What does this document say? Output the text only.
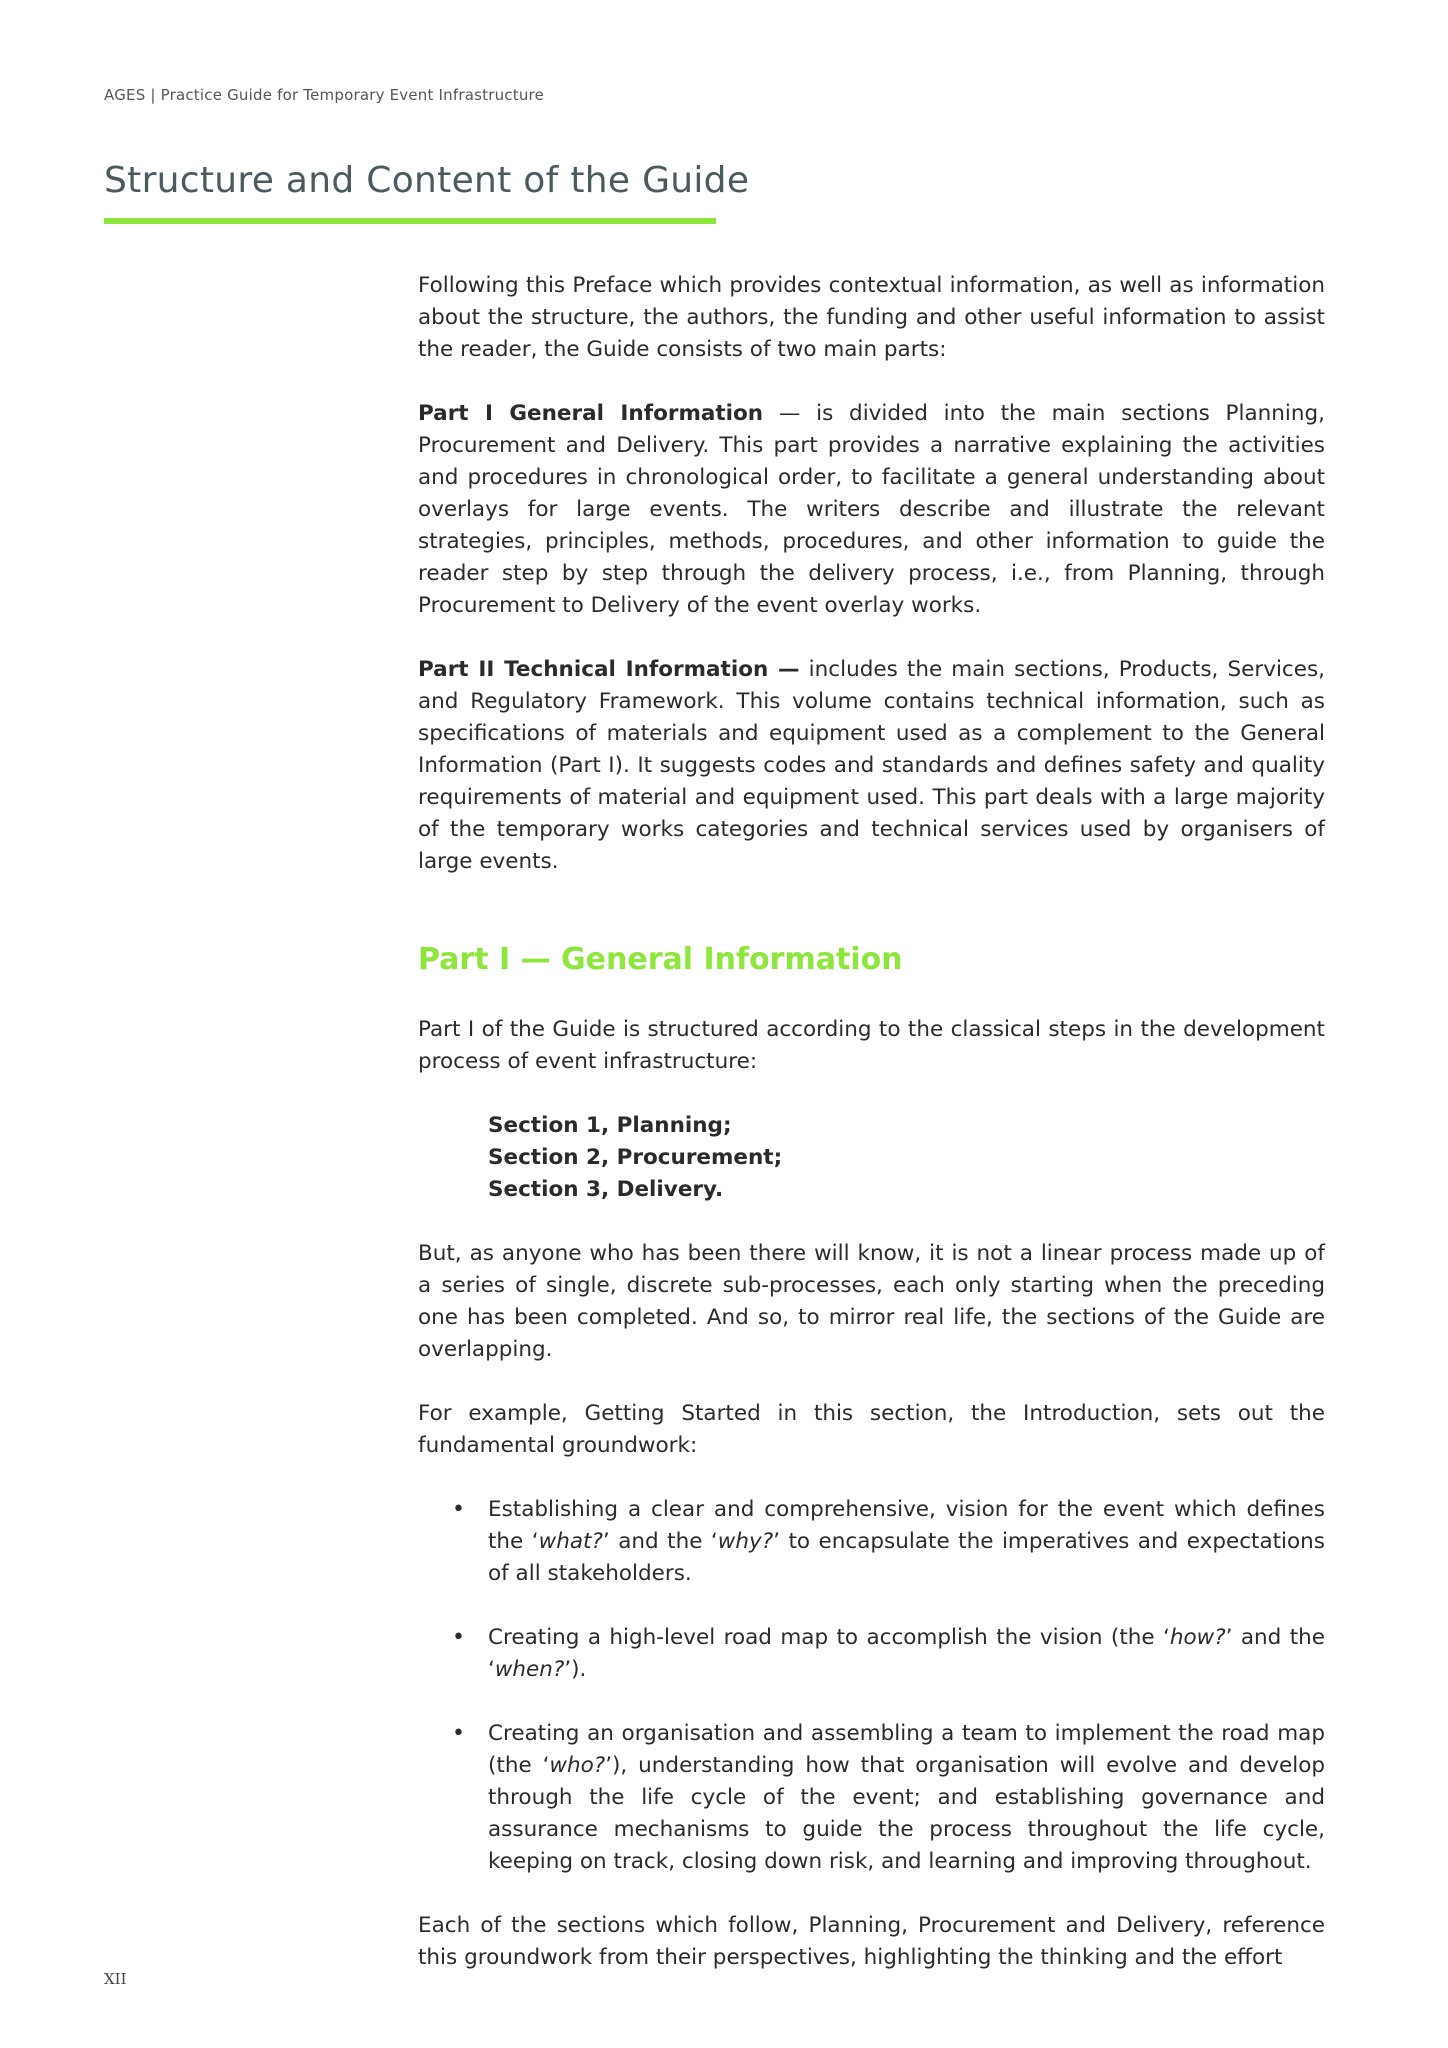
AGES | Practice Guide for Temporary Event Infrastructure
Structure and Content of the Guide

Following this Preface which provides contextual information, as well as information about the structure, the authors, the funding and other useful information to assist the reader, the Guide consists of two main parts:

Part I General Information — is divided into the main sections Planning, Procurement and Delivery. This part provides a narrative explaining the activities and procedures in chronological order, to facilitate a general understanding about overlays for large events. The writers describe and illustrate the relevant strategies, principles, methods, procedures, and other information to guide the reader step by step through the delivery process, i.e., from Planning, through Procurement to Delivery of the event overlay works.

Part II Technical Information — includes the main sections, Products, Services, and Regulatory Framework. This volume contains technical information, such as specifications of materials and equipment used as a complement to the General Information (Part I). It suggests codes and standards and defines safety and quality requirements of material and equipment used. This part deals with a large majority of the temporary works categories and technical services used by organisers of large events.

Part I — General Information

Part I of the Guide is structured according to the classical steps in the development process of event infrastructure:

Section 1, Planning;
Section 2, Procurement;
Section 3, Delivery.

But, as anyone who has been there will know, it is not a linear process made up of a series of single, discrete sub-processes, each only starting when the preceding one has been completed. And so, to mirror real life, the sections of the Guide are overlapping.

For example, Getting Started in this section, the Introduction, sets out the fundamental groundwork:

• Establishing a clear and comprehensive, vision for the event which defines the ‘what?’ and the ‘why?’ to encapsulate the imperatives and expectations of all stakeholders.
• Creating a high-level road map to accomplish the vision (the ‘how?’ and the ‘when?’).
• Creating an organisation and assembling a team to implement the road map (the ‘who?’), understanding how that organisation will evolve and develop through the life cycle of the event; and establishing governance and assurance mechanisms to guide the process throughout the life cycle, keeping on track, closing down risk, and learning and improving throughout.

Each of the sections which follow, Planning, Procurement and Delivery, reference this groundwork from their perspectives, highlighting the thinking and the effort

XII
